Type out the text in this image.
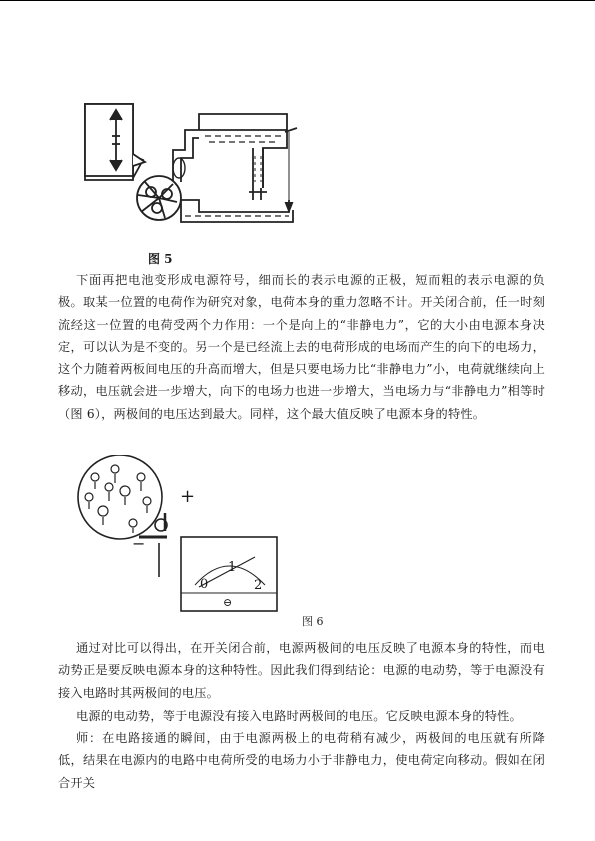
图 5

下面再把电池变形成电源符号，细而长的表示电源的正极，短而粗的表示电源的负极。取某一位置的电荷作为研究对象，电荷本身的重力忽略不计。开关闭合前，任一时刻流经这一位置的电荷受两个力作用：一个是向上的“非静电力”，它的大小由电源本身决定，可以认为是不变的。另一个是已经流上去的电荷形成的电场而产生的向下的电场力，这个力随着两板间电压的升高而增大，但是只要电场力比“非静电力”小，电荷就继续向上移动，电压就会进一步增大，向下的电场力也进一步增大，当电场力与“非静电力”相等时（图 6），两极间的电压达到最大。同样，这个最大值反映了电源本身的特性。

+
−
0
1
2
⊖
图 6

通过对比可以得出，在开关闭合前，电源两极间的电压反映了电源本身的特性，而电动势正是要反映电源本身的这种特性。因此我们得到结论：电源的电动势，等于电源没有接入电路时其两极间的电压。

电源的电动势，等于电源没有接入电路时两极间的电压。它反映电源本身的特性。

师：在电路接通的瞬间，由于电源两极上的电荷稍有减少，两极间的电压就有所降低，结果在电源内的电路中电荷所受的电场力小于非静电力，使电荷定向移动。假如在闭合开关
